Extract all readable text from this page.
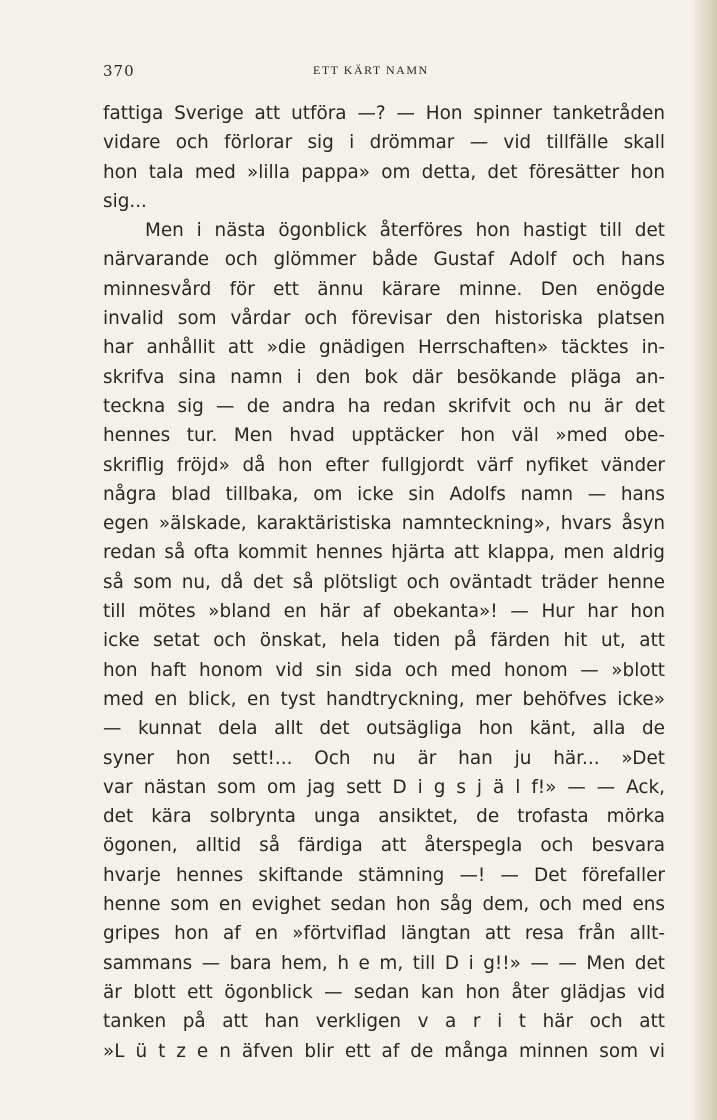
370	ETT KÄRT NAMN
fattiga Sverige att utföra —? — Hon spinner tanketråden
vidare och förlorar sig i drömmar — vid tillfälle skall
hon tala med »lilla pappa» om detta, det föresätter hon
sig...
Men i nästa ögonblick återföres hon hastigt till det
närvarande och glömmer både Gustaf Adolf och hans
minnesvård för ett ännu kärare minne. Den enögde
invalid som vårdar och förevisar den historiska platsen
har anhållit att »die gnädigen Herrschaften» täcktes in-
skrifva sina namn i den bok där besökande pläga an-
teckna sig — de andra ha redan skrifvit och nu är det
hennes tur. Men hvad upptäcker hon väl »med obe-
skriflig fröjd» då hon efter fullgjordt värf nyfiket vänder
några blad tillbaka, om icke sin Adolfs namn — hans
egen »älskade, karaktäristiska namnteckning», hvars åsyn
redan så ofta kommit hennes hjärta att klappa, men aldrig
så som nu, då det så plötsligt och oväntadt träder henne
till mötes »bland en här af obekanta»! — Hur har hon
icke setat och önskat, hela tiden på färden hit ut, att
hon haft honom vid sin sida och med honom — »blott
med en blick, en tyst handtryckning, mer behöfves icke»
— kunnat dela allt det outsägliga hon känt, alla de
syner hon sett!... Och nu är han ju här... »Det
var nästan som om jag sett D i g s j ä l f!» — — Ack,
det kära solbrynta unga ansiktet, de trofasta mörka
ögonen, alltid så färdiga att återspegla och besvara
hvarje hennes skiftande stämning —! — Det förefaller
henne som en evighet sedan hon såg dem, och med ens
gripes hon af en »förtviflad längtan att resa från allt-
sammans — bara hem, h e m, till D i g!!» — — Men det
är blott ett ögonblick — sedan kan hon åter glädjas vid
tanken på att han verkligen v a r i t här och att
»L ü t z e n äfven blir ett af de många minnen som vi
